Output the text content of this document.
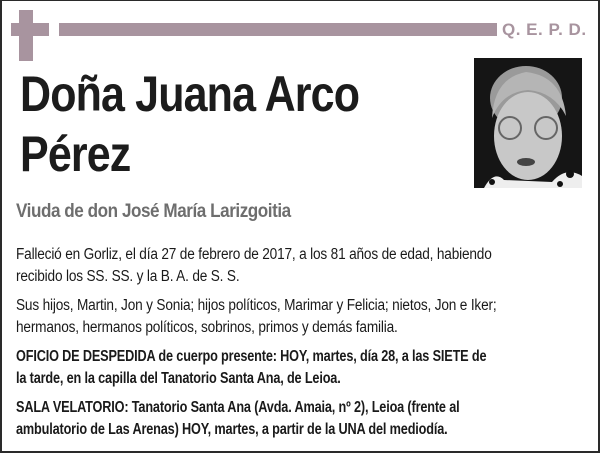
Q. E. P. D.
Doña Juana Arco
Pérez
Viuda de don José María Larizgoitia

Falleció en Gorliz, el día 27 de febrero de 2017, a los 81 años de edad, habiendo
recibido los SS. SS. y la B. A. de S. S.

Sus hijos, Martin, Jon y Sonia; hijos políticos, Marimar y Felicia; nietos, Jon e Iker;
hermanos, hermanos políticos, sobrinos, primos y demás familia.

OFICIO DE DESPEDIDA de cuerpo presente: HOY, martes, día 28, a las SIETE de
la tarde, en la capilla del Tanatorio Santa Ana, de Leioa.

SALA VELATORIO: Tanatorio Santa Ana (Avda. Amaia, nº 2), Leioa (frente al
ambulatorio de Las Arenas) HOY, martes, a partir de la UNA del mediodía.
